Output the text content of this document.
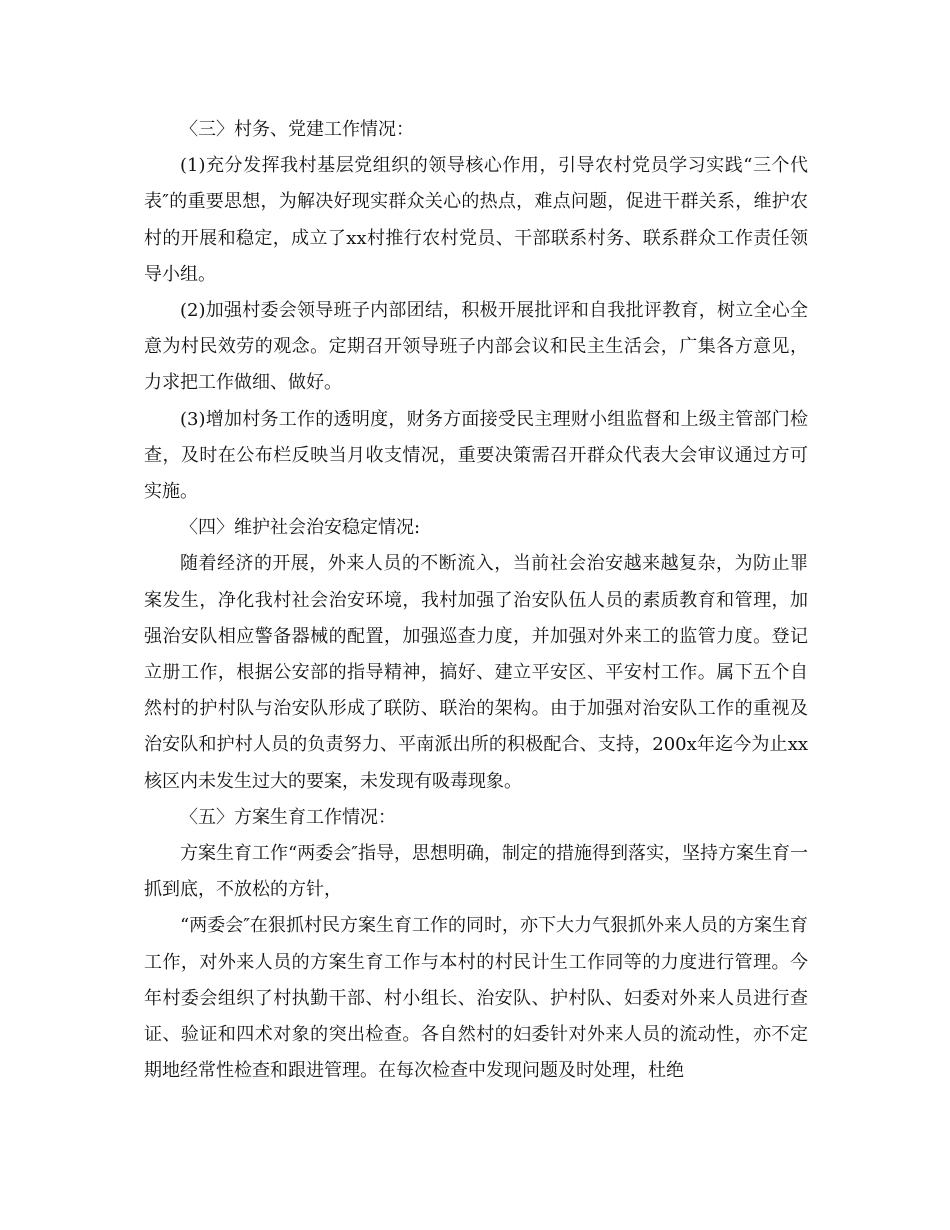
〈三〉村务、党建工作情况：

(1)充分发挥我村基层党组织的领导核心作用，引导农村党员学习实践“三个代表″的重要思想，为解决好现实群众关心的热点，难点问题，促进干群关系，维护农村的开展和稳定，成立了xx村推行农村党员、干部联系村务、联系群众工作责任领导小组。

(2)加强村委会领导班子内部团结，积极开展批评和自我批评教育，树立全心全意为村民效劳的观念。定期召开领导班子内部会议和民主生活会，广集各方意见，力求把工作做细、做好。

(3)增加村务工作的透明度，财务方面接受民主理财小组监督和上级主管部门检查，及时在公布栏反映当月收支情况，重要决策需召开群众代表大会审议通过方可实施。

〈四〉维护社会治安稳定情况:

随着经济的开展，外来人员的不断流入，当前社会治安越来越复杂，为防止罪案发生，净化我村社会治安环境，我村加强了治安队伍人员的素质教育和管理，加强治安队相应警备器械的配置，加强巡查力度，并加强对外来工的监管力度。登记立册工作，根据公安部的指导精神，搞好、建立平安区、平安村工作。属下五个自然村的护村队与治安队形成了联防、联治的架构。由于加强对治安队工作的重视及治安队和护村人员的负责努力、平南派出所的积极配合、支持，200x年迄今为止xx核区内未发生过大的要案，未发现有吸毒现象。

〈五〉方案生育工作情况：

方案生育工作“两委会″指导，思想明确，制定的措施得到落实，坚持方案生育一抓到底，不放松的方针，

“两委会″在狠抓村民方案生育工作的同时，亦下大力气狠抓外来人员的方案生育工作，对外来人员的方案生育工作与本村的村民计生工作同等的力度进行管理。今年村委会组织了村执勤干部、村小组长、治安队、护村队、妇委对外来人员进行查证、验证和四术对象的突出检查。各自然村的妇委针对外来人员的流动性，亦不定期地经常性检查和跟进管理。在每次检查中发现问题及时处理，杜绝
